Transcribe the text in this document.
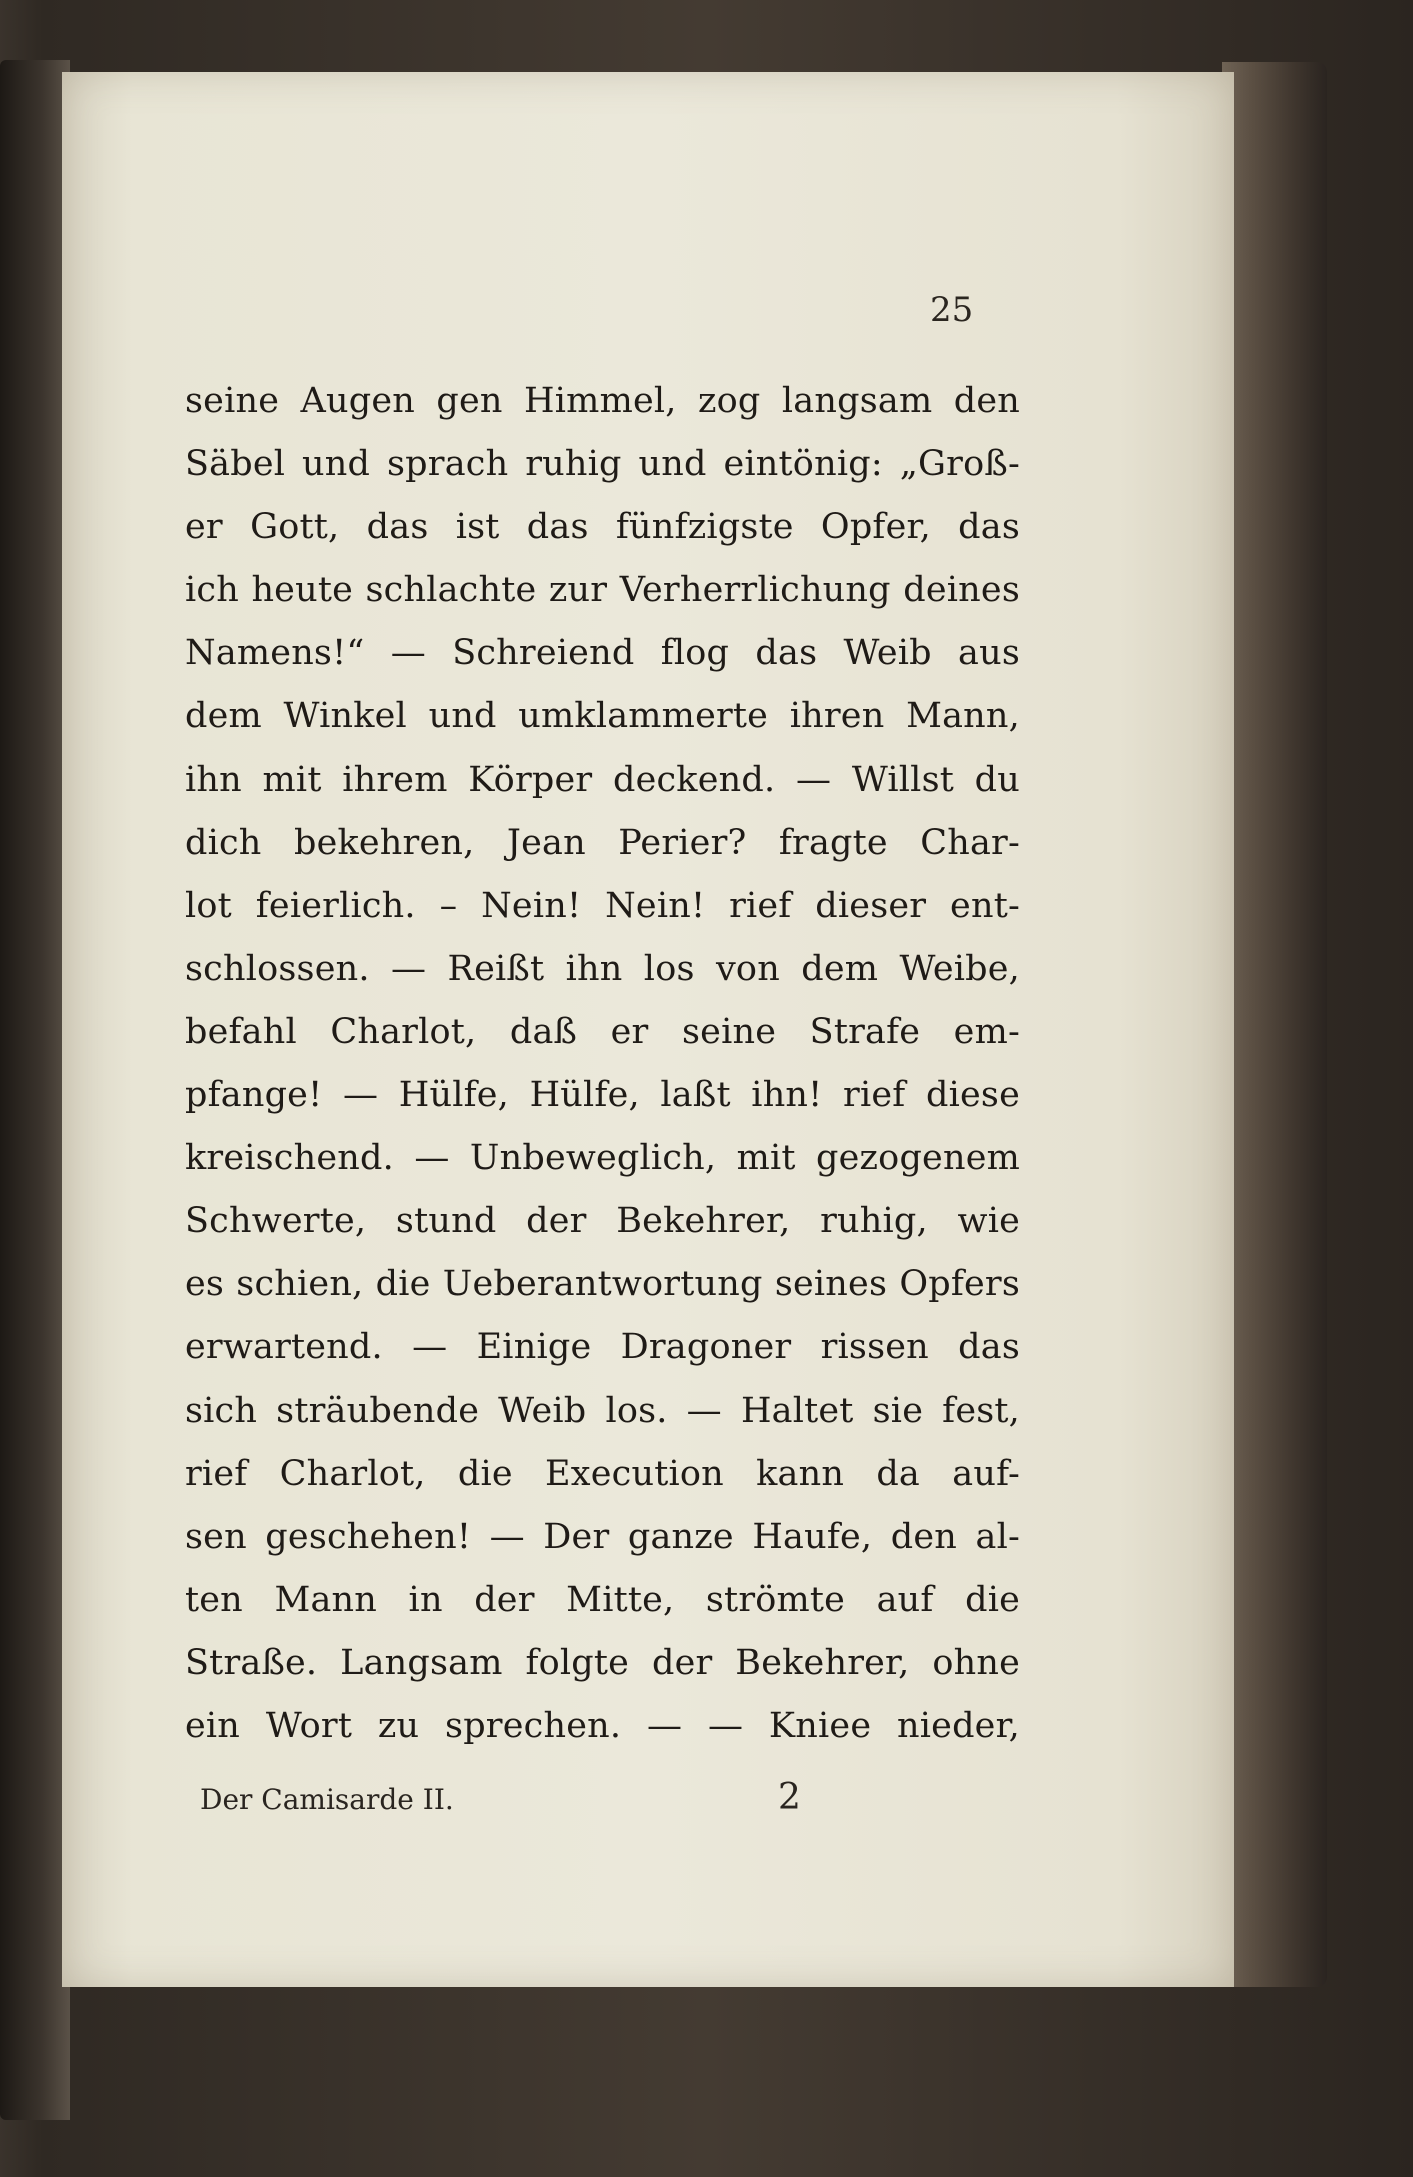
25
seine Augen gen Himmel, zog langsam den
Säbel und sprach ruhig und eintönig: „Groß-
er Gott, das ist das fünfzigste Opfer, das
ich heute schlachte zur Verherrlichung deines
Namens!“ — Schreiend flog das Weib aus
dem Winkel und umklammerte ihren Mann,
ihn mit ihrem Körper deckend. — Willst du
dich bekehren, Jean Perier? fragte Char-
lot feierlich. – Nein! Nein! rief dieser ent-
schlossen. — Reißt ihn los von dem Weibe,
befahl Charlot, daß er seine Strafe em-
pfange! — Hülfe, Hülfe, laßt ihn! rief diese
kreischend. — Unbeweglich, mit gezogenem
Schwerte, stund der Bekehrer, ruhig, wie
es schien, die Ueberantwortung seines Opfers
erwartend. — Einige Dragoner rissen das
sich sträubende Weib los. — Haltet sie fest,
rief Charlot, die Execution kann da auf-
sen geschehen! — Der ganze Haufe, den al-
ten Mann in der Mitte, strömte auf die
Straße. Langsam folgte der Bekehrer, ohne
ein Wort zu sprechen. — — Kniee nieder,
Der Camisarde II.	2
